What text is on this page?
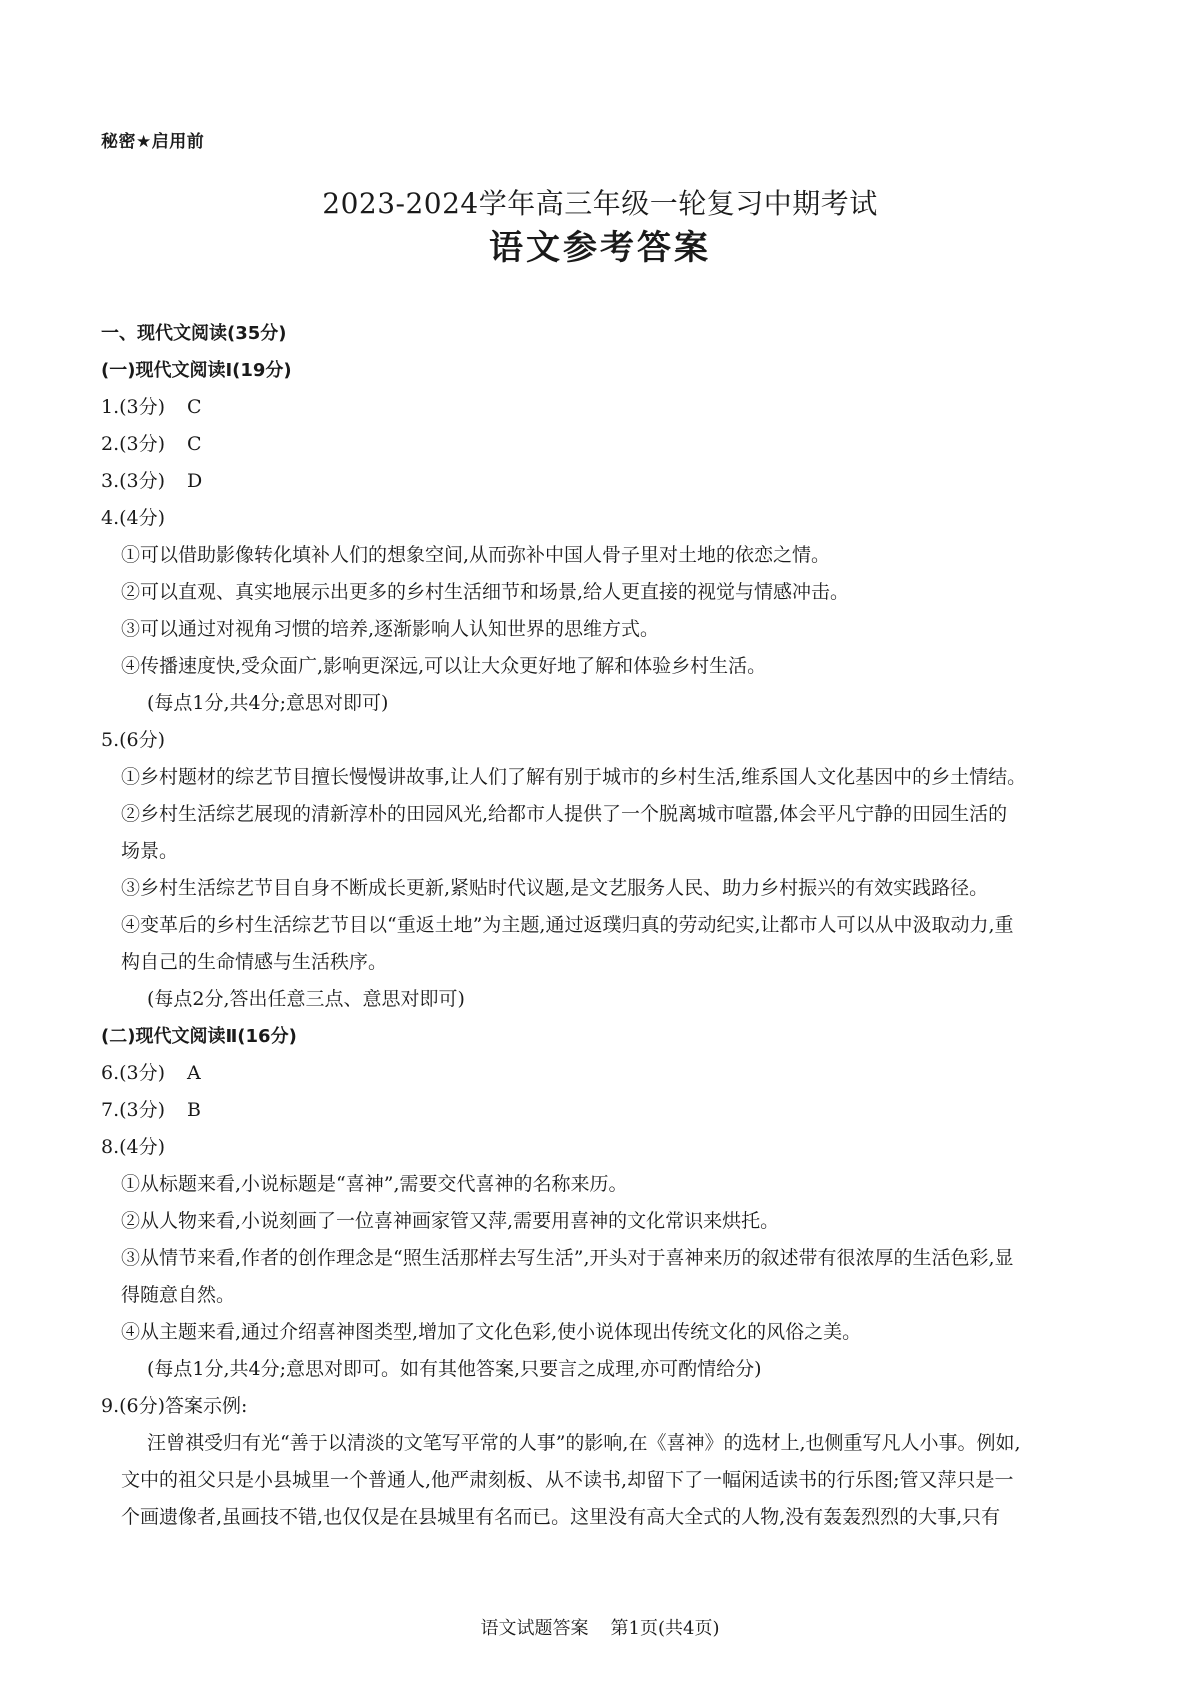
秘密★启用前
2023-2024学年高三年级一轮复习中期考试
语文参考答案
一、现代文阅读(35分)
(一)现代文阅读Ⅰ(19分)
1.(3分) C
2.(3分) C
3.(3分) D
4.(4分)
①可以借助影像转化填补人们的想象空间,从而弥补中国人骨子里对土地的依恋之情。
②可以直观、真实地展示出更多的乡村生活细节和场景,给人更直接的视觉与情感冲击。
③可以通过对视角习惯的培养,逐渐影响人认知世界的思维方式。
④传播速度快,受众面广,影响更深远,可以让大众更好地了解和体验乡村生活。
(每点1分,共4分;意思对即可)
5.(6分)
①乡村题材的综艺节目擅长慢慢讲故事,让人们了解有别于城市的乡村生活,维系国人文化基因中的乡土情结。
②乡村生活综艺展现的清新淳朴的田园风光,给都市人提供了一个脱离城市喧嚣,体会平凡宁静的田园生活的
场景。
③乡村生活综艺节目自身不断成长更新,紧贴时代议题,是文艺服务人民、助力乡村振兴的有效实践路径。
④变革后的乡村生活综艺节目以“重返土地”为主题,通过返璞归真的劳动纪实,让都市人可以从中汲取动力,重
构自己的生命情感与生活秩序。
(每点2分,答出任意三点、意思对即可)
(二)现代文阅读Ⅱ(16分)
6.(3分) A
7.(3分) B
8.(4分)
①从标题来看,小说标题是“喜神”,需要交代喜神的名称来历。
②从人物来看,小说刻画了一位喜神画家管又萍,需要用喜神的文化常识来烘托。
③从情节来看,作者的创作理念是“照生活那样去写生活”,开头对于喜神来历的叙述带有很浓厚的生活色彩,显
得随意自然。
④从主题来看,通过介绍喜神图类型,增加了文化色彩,使小说体现出传统文化的风俗之美。
(每点1分,共4分;意思对即可。如有其他答案,只要言之成理,亦可酌情给分)
9.(6分)答案示例:
汪曾祺受归有光“善于以清淡的文笔写平常的人事”的影响,在《喜神》的选材上,也侧重写凡人小事。例如,
文中的祖父只是小县城里一个普通人,他严肃刻板、从不读书,却留下了一幅闲适读书的行乐图;管又萍只是一
个画遗像者,虽画技不错,也仅仅是在县城里有名而已。这里没有高大全式的人物,没有轰轰烈烈的大事,只有
语文试题答案 第1页(共4页)
